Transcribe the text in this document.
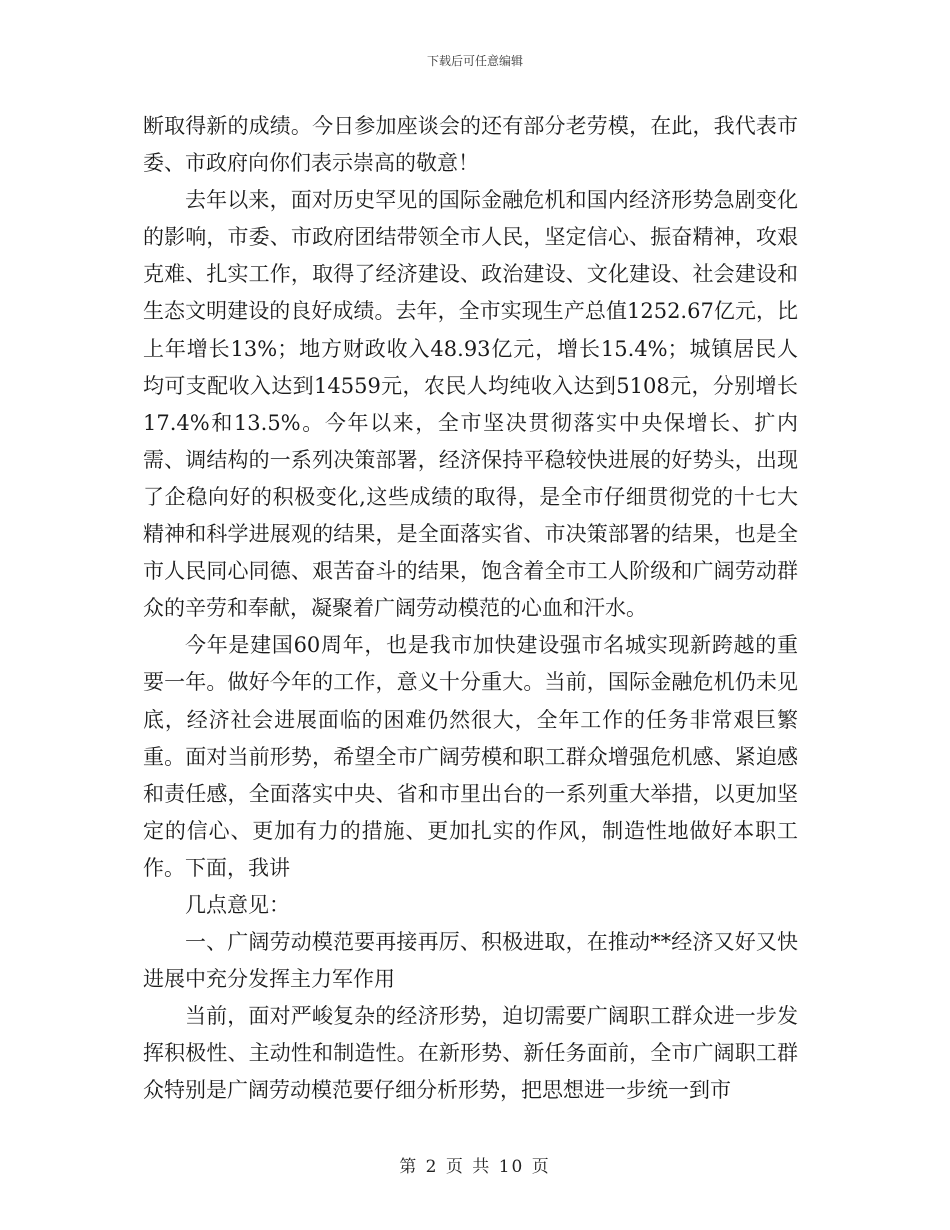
下载后可任意编辑

断取得新的成绩。今日参加座谈会的还有部分老劳模，在此，我代表市委、市政府向你们表示崇高的敬意！

去年以来，面对历史罕见的国际金融危机和国内经济形势急剧变化的影响，市委、市政府团结带领全市人民，坚定信心、振奋精神，攻艰克难、扎实工作，取得了经济建设、政治建设、文化建设、社会建设和生态文明建设的良好成绩。去年，全市实现生产总值1252.67亿元，比上年增长13%；地方财政收入48.93亿元，增长15.4%；城镇居民人均可支配收入达到14559元，农民人均纯收入达到5108元，分别增长17.4%和13.5%。今年以来，全市坚决贯彻落实中央保增长、扩内需、调结构的一系列决策部署，经济保持平稳较快进展的好势头，出现了企稳向好的积极变化,这些成绩的取得，是全市仔细贯彻党的十七大精神和科学进展观的结果，是全面落实省、市决策部署的结果，也是全市人民同心同德、艰苦奋斗的结果，饱含着全市工人阶级和广阔劳动群众的辛劳和奉献，凝聚着广阔劳动模范的心血和汗水。

今年是建国60周年，也是我市加快建设强市名城实现新跨越的重要一年。做好今年的工作，意义十分重大。当前，国际金融危机仍未见底，经济社会进展面临的困难仍然很大，全年工作的任务非常艰巨繁重。面对当前形势，希望全市广阔劳模和职工群众增强危机感、紧迫感和责任感，全面落实中央、省和市里出台的一系列重大举措，以更加坚定的信心、更加有力的措施、更加扎实的作风，制造性地做好本职工作。下面，我讲

几点意见：

一、广阔劳动模范要再接再厉、积极进取，在推动**经济又好又快进展中充分发挥主力军作用

当前，面对严峻复杂的经济形势，迫切需要广阔职工群众进一步发挥积极性、主动性和制造性。在新形势、新任务面前，全市广阔职工群众特别是广阔劳动模范要仔细分析形势，把思想进一步统一到市

第 2 页 共 10 页
